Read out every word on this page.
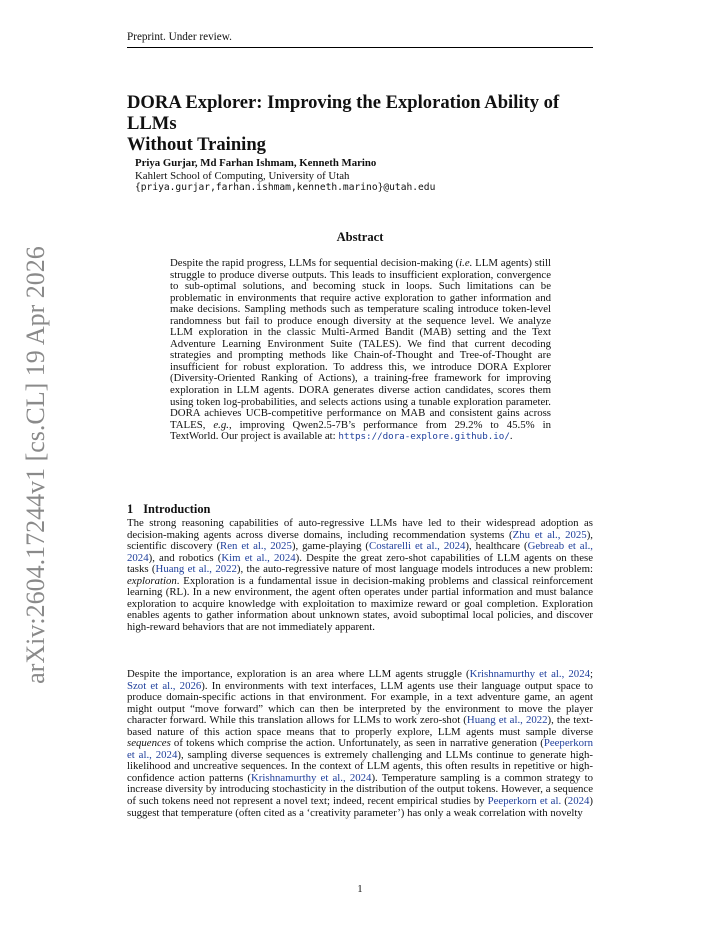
Preprint. Under review.
arXiv:2604.17244v1 [cs.CL] 19 Apr 2026
DORA Explorer: Improving the Exploration Ability of LLMs
Without Training
Priya Gurjar, Md Farhan Ishmam, Kenneth Marino
Kahlert School of Computing, University of Utah
{priya.gurjar,farhan.ishmam,kenneth.marino}@utah.edu
Abstract
Despite the rapid progress, LLMs for sequential decision-making (i.e. LLM agents) still struggle to produce diverse outputs. This leads to insufficient exploration, convergence to sub-optimal solutions, and becoming stuck in loops. Such limitations can be problematic in environments that require active exploration to gather information and make decisions. Sampling methods such as temperature scaling introduce token-level randomness but fail to produce enough diversity at the sequence level. We analyze LLM exploration in the classic Multi-Armed Bandit (MAB) setting and the Text Adventure Learning Environment Suite (TALES). We find that current decoding strategies and prompting methods like Chain-of-Thought and Tree-of-Thought are insufficient for robust exploration. To address this, we introduce DORA Explorer (Diversity-Oriented Ranking of Actions), a training-free framework for improving exploration in LLM agents. DORA generates diverse action candidates, scores them using token log-probabilities, and selects actions using a tunable exploration parameter. DORA achieves UCB-competitive performance on MAB and consistent gains across TALES, e.g., improving Qwen2.5-7B’s performance from 29.2% to 45.5% in TextWorld. Our project is available at: https://dora-explore.github.io/.
1 Introduction
The strong reasoning capabilities of auto-regressive LLMs have led to their widespread adoption as decision-making agents across diverse domains, including recommendation systems (Zhu et al., 2025), scientific discovery (Ren et al., 2025), game-playing (Costarelli et al., 2024), healthcare (Gebreab et al., 2024), and robotics (Kim et al., 2024). Despite the great zero-shot capabilities of LLM agents on these tasks (Huang et al., 2022), the auto-regressive nature of most language models introduces a new problem: exploration. Exploration is a fundamental issue in decision-making problems and classical reinforcement learning (RL). In a new environment, the agent often operates under partial information and must balance exploration to acquire knowledge with exploitation to maximize reward or goal completion. Exploration enables agents to gather information about unknown states, avoid suboptimal local policies, and discover high-reward behaviors that are not immediately apparent.
Despite the importance, exploration is an area where LLM agents struggle (Krishnamurthy et al., 2024; Szot et al., 2026). In environments with text interfaces, LLM agents use their language output space to produce domain-specific actions in that environment. For example, in a text adventure game, an agent might output “move forward” which can then be interpreted by the environment to move the player character forward. While this translation allows for LLMs to work zero-shot (Huang et al., 2022), the text-based nature of this action space means that to properly explore, LLM agents must sample diverse sequences of tokens which comprise the action. Unfortunately, as seen in narrative generation (Peeperkorn et al., 2024), sampling diverse sequences is extremely challenging and LLMs continue to generate high-likelihood and uncreative sequences. In the context of LLM agents, this often results in repetitive or high-confidence action patterns (Krishnamurthy et al., 2024). Temperature sampling is a common strategy to increase diversity by introducing stochasticity in the distribution of the output tokens. However, a sequence of such tokens need not represent a novel text; indeed, recent empirical studies by Peeperkorn et al. (2024) suggest that temperature (often cited as a ‘creativity parameter’) has only a weak correlation with novelty
1
